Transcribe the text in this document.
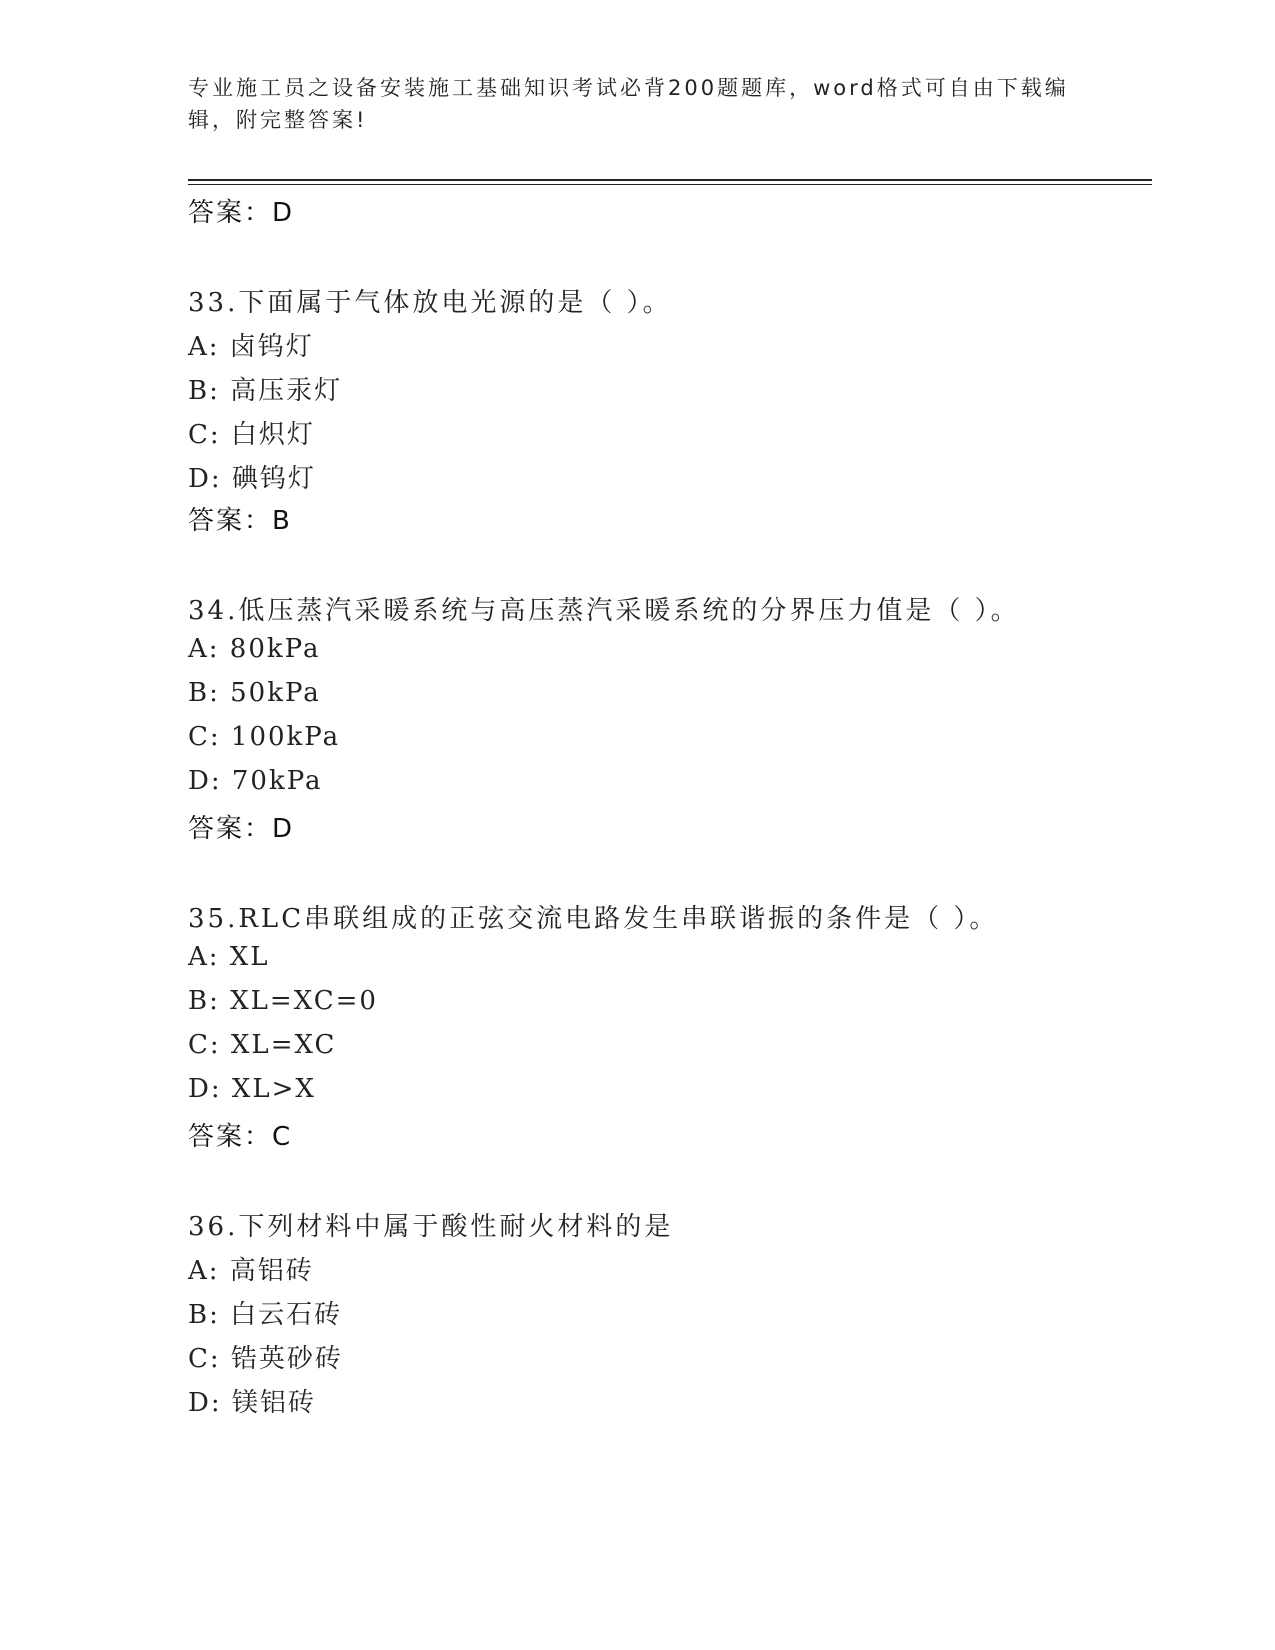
专业施工员之设备安装施工基础知识考试必背200题题库，word格式可自由下载编辑，附完整答案!
答案：D
33.下面属于气体放电光源的是（ ）。
A: 卤钨灯
B: 高压汞灯
C: 白炽灯
D: 碘钨灯
答案：B
34.低压蒸汽采暖系统与高压蒸汽采暖系统的分界压力值是（ ）。
A: 80kPa
B: 50kPa
C: 100kPa
D: 70kPa
答案：D
35.RLC串联组成的正弦交流电路发生串联谐振的条件是（ ）。
A: XL
B: XL=XC=0
C: XL=XC
D: XL>X
答案：C
36.下列材料中属于酸性耐火材料的是
A: 高铝砖
B: 白云石砖
C: 锆英砂砖
D: 镁铝砖
